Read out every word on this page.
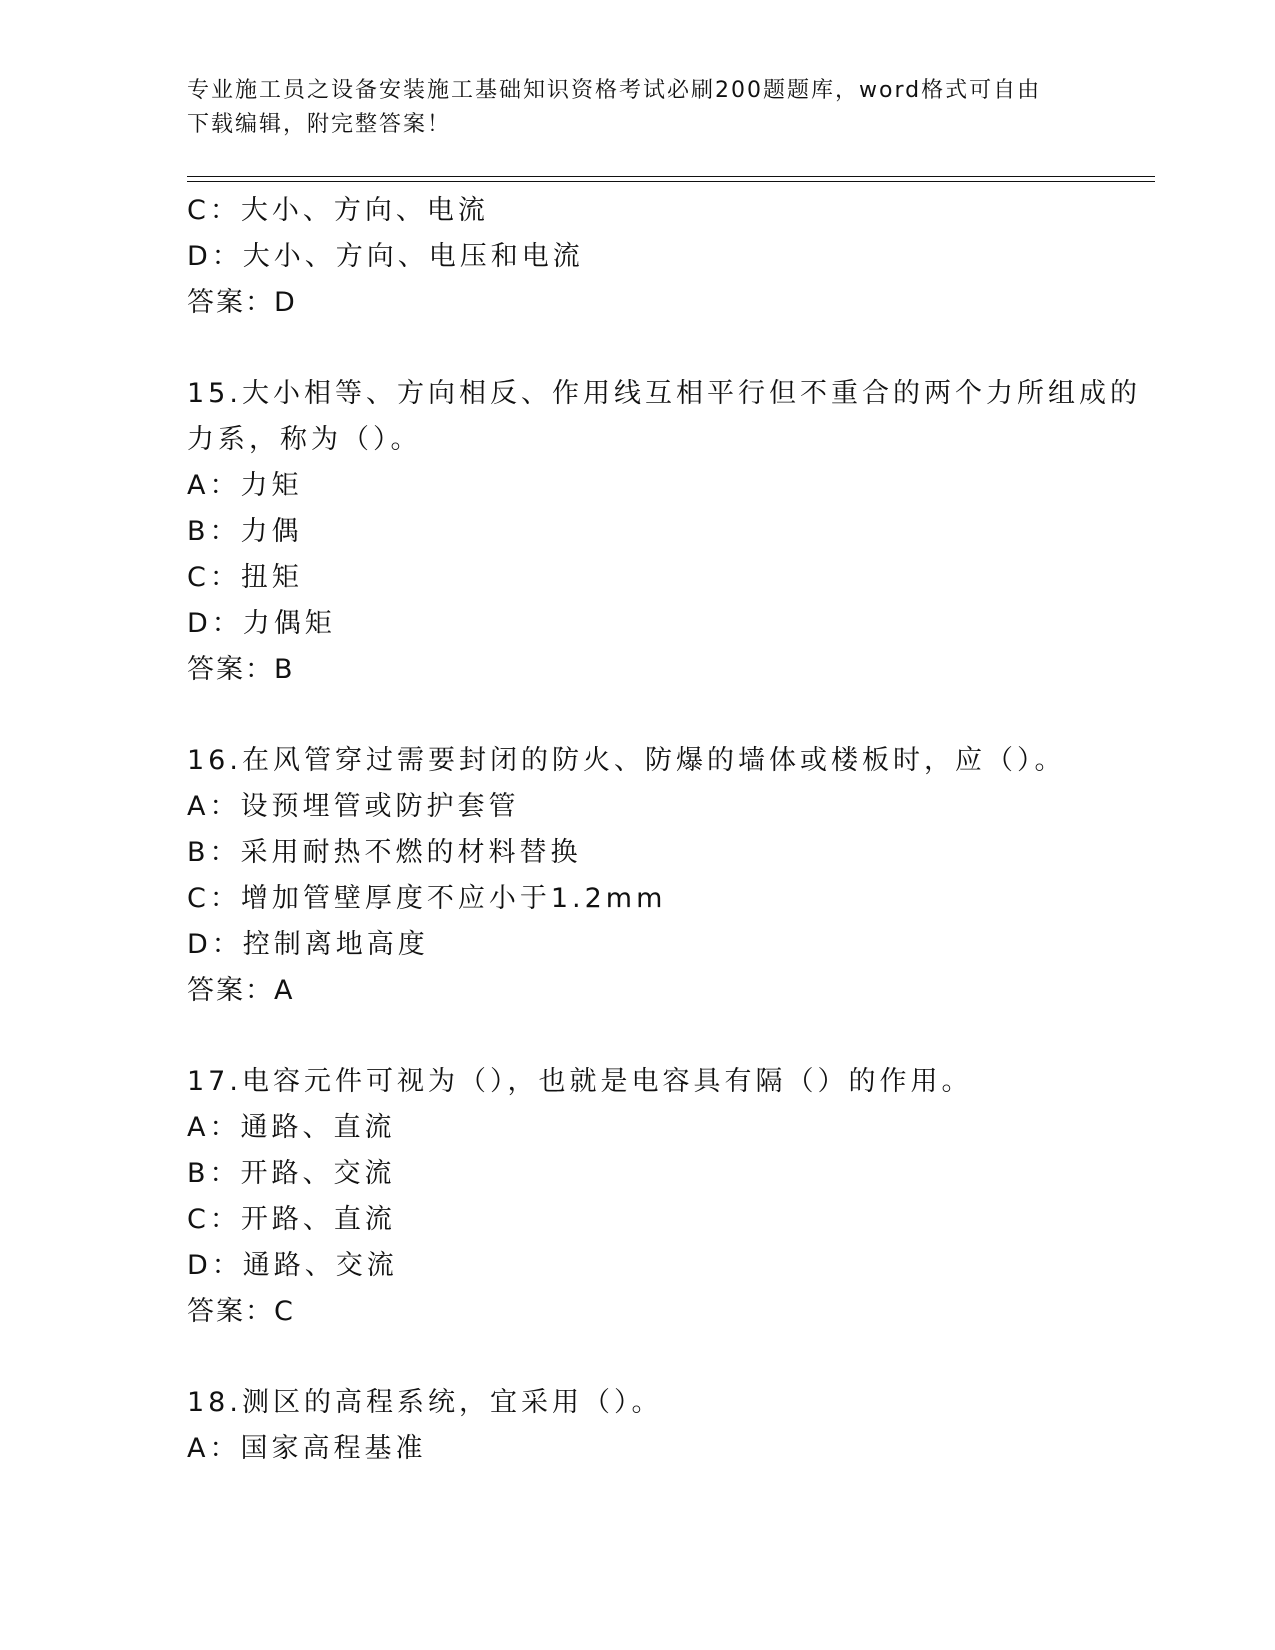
专业施工员之设备安装施工基础知识资格考试必刷200题题库，word格式可自由
下载编辑，附完整答案！
C：大小、方向、电流
D：大小、方向、电压和电流
答案：D
15.大小相等、方向相反、作用线互相平行但不重合的两个力所组成的
力系，称为（）。
A：力矩
B：力偶
C：扭矩
D：力偶矩
答案：B
16.在风管穿过需要封闭的防火、防爆的墙体或楼板时，应（）。
A：设预埋管或防护套管
B：采用耐热不燃的材料替换
C：增加管壁厚度不应小于1.2mm
D：控制离地高度
答案：A
17.电容元件可视为（），也就是电容具有隔（）的作用。
A：通路、直流
B：开路、交流
C：开路、直流
D：通路、交流
答案：C
18.测区的高程系统，宜采用（）。
A：国家高程基准
